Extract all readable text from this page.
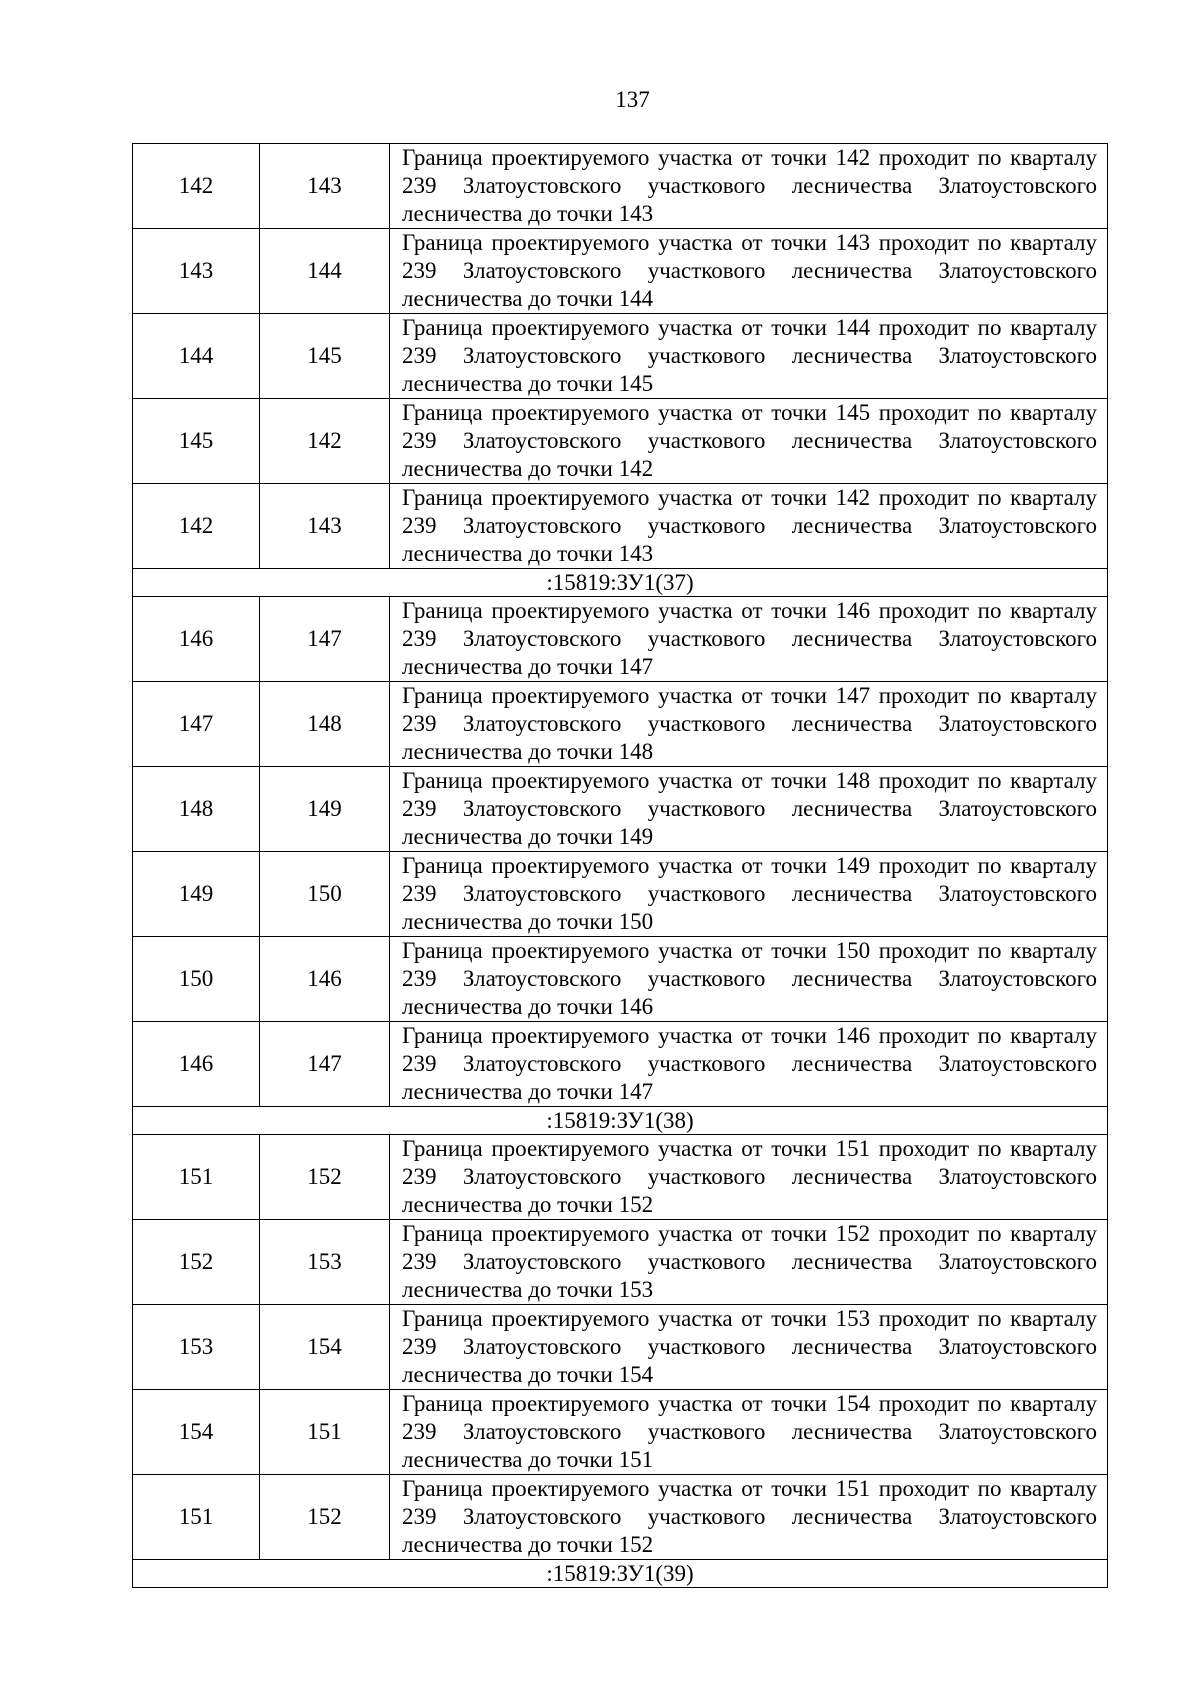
137
142	143	Граница проектируемого участка от точки 142 проходит по кварталу 239 Златоустовского участкового лесничества Златоустовского лесничества до точки 143
143	144	Граница проектируемого участка от точки 143 проходит по кварталу 239 Златоустовского участкового лесничества Златоустовского лесничества до точки 144
144	145	Граница проектируемого участка от точки 144 проходит по кварталу 239 Златоустовского участкового лесничества Златоустовского лесничества до точки 145
145	142	Граница проектируемого участка от точки 145 проходит по кварталу 239 Златоустовского участкового лесничества Златоустовского лесничества до точки 142
142	143	Граница проектируемого участка от точки 142 проходит по кварталу 239 Златоустовского участкового лесничества Златоустовского лесничества до точки 143
:15819:ЗУ1(37)		
146	147	Граница проектируемого участка от точки 146 проходит по кварталу 239 Златоустовского участкового лесничества Златоустовского лесничества до точки 147
147	148	Граница проектируемого участка от точки 147 проходит по кварталу 239 Златоустовского участкового лесничества Златоустовского лесничества до точки 148
148	149	Граница проектируемого участка от точки 148 проходит по кварталу 239 Златоустовского участкового лесничества Златоустовского лесничества до точки 149
149	150	Граница проектируемого участка от точки 149 проходит по кварталу 239 Златоустовского участкового лесничества Златоустовского лесничества до точки 150
150	146	Граница проектируемого участка от точки 150 проходит по кварталу 239 Златоустовского участкового лесничества Златоустовского лесничества до точки 146
146	147	Граница проектируемого участка от точки 146 проходит по кварталу 239 Златоустовского участкового лесничества Златоустовского лесничества до точки 147
:15819:ЗУ1(38)		
151	152	Граница проектируемого участка от точки 151 проходит по кварталу 239 Златоустовского участкового лесничества Златоустовского лесничества до точки 152
152	153	Граница проектируемого участка от точки 152 проходит по кварталу 239 Златоустовского участкового лесничества Златоустовского лесничества до точки 153
153	154	Граница проектируемого участка от точки 153 проходит по кварталу 239 Златоустовского участкового лесничества Златоустовского лесничества до точки 154
154	151	Граница проектируемого участка от точки 154 проходит по кварталу 239 Златоустовского участкового лесничества Златоустовского лесничества до точки 151
151	152	Граница проектируемого участка от точки 151 проходит по кварталу 239 Златоустовского участкового лесничества Златоустовского лесничества до точки 152
:15819:ЗУ1(39)		
